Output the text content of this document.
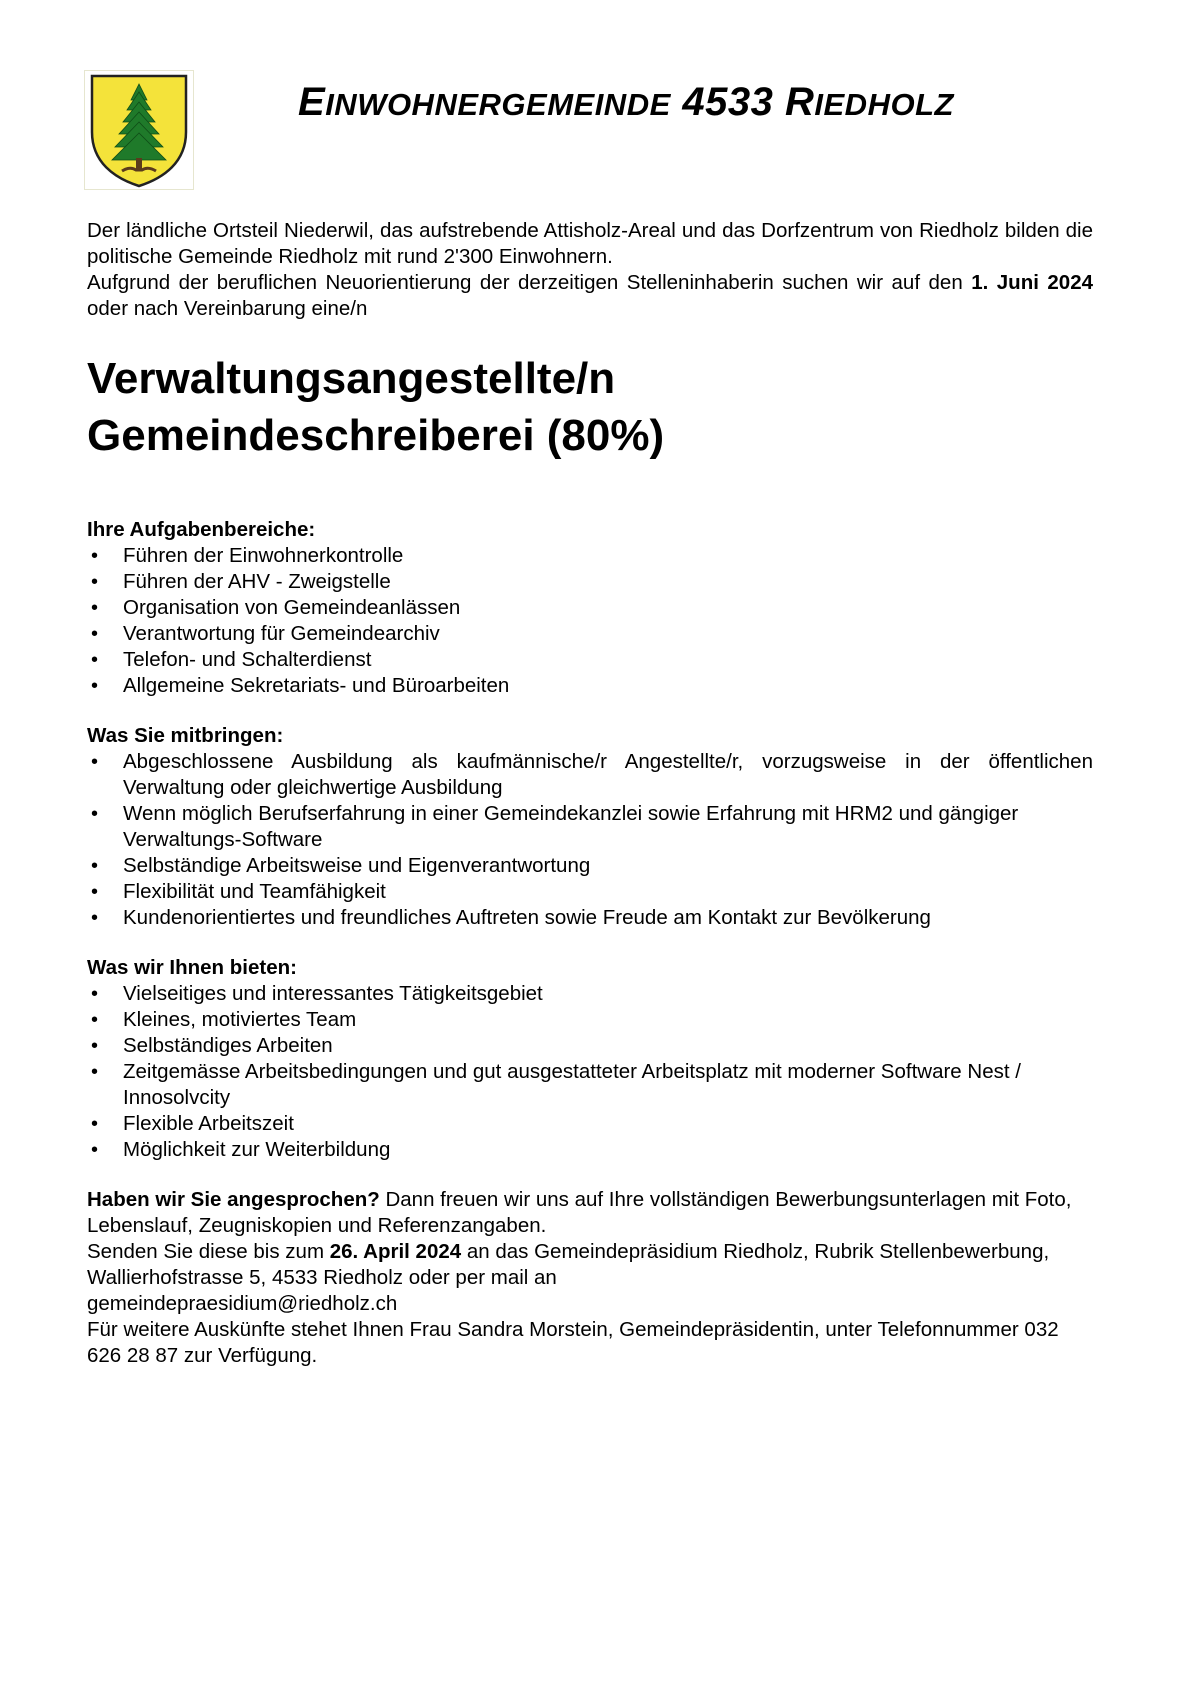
EINWOHNERGEMEINDE 4533 RIEDHOLZ

Der ländliche Ortsteil Niederwil, das aufstrebende Attisholz-Areal und das Dorfzentrum von Riedholz bilden die politische Gemeinde Riedholz mit rund 2'300 Einwohnern.

Aufgrund der beruflichen Neuorientierung der derzeitigen Stelleninhaberin suchen wir auf den 1. Juni 2024 oder nach Vereinbarung eine/n

Verwaltungsangestellte/n
Gemeindeschreiberei (80%)

Ihre Aufgabenbereiche:

• Führen der Einwohnerkontrolle
• Führen der AHV - Zweigstelle
• Organisation von Gemeindeanlässen
• Verantwortung für Gemeindearchiv
• Telefon- und Schalterdienst
• Allgemeine Sekretariats- und Büroarbeiten

Was Sie mitbringen:

• Abgeschlossene Ausbildung als kaufmännische/r Angestellte/r, vorzugsweise in der öffentlichen Verwaltung oder gleichwertige Ausbildung
• Wenn möglich Berufserfahrung in einer Gemeindekanzlei sowie Erfahrung mit HRM2 und gängiger Verwaltungs-Software
• Selbständige Arbeitsweise und Eigenverantwortung
• Flexibilität und Teamfähigkeit
• Kundenorientiertes und freundliches Auftreten sowie Freude am Kontakt zur Bevölkerung

Was wir Ihnen bieten:

• Vielseitiges und interessantes Tätigkeitsgebiet
• Kleines, motiviertes Team
• Selbständiges Arbeiten
• Zeitgemässe Arbeitsbedingungen und gut ausgestatteter Arbeitsplatz mit moderner Software Nest / Innosolvcity
• Flexible Arbeitszeit
• Möglichkeit zur Weiterbildung

Haben wir Sie angesprochen? Dann freuen wir uns auf Ihre vollständigen Bewerbungsunterlagen mit Foto, Lebenslauf, Zeugniskopien und Referenzangaben.

Senden Sie diese bis zum 26. April 2024 an das Gemeindepräsidium Riedholz, Rubrik Stellenbewerbung, Wallierhofstrasse 5, 4533 Riedholz oder per mail an

gemeindepraesidium@riedholz.ch

Für weitere Auskünfte stehet Ihnen Frau Sandra Morstein, Gemeindepräsidentin, unter Telefonnummer 032 626 28 87 zur Verfügung.
